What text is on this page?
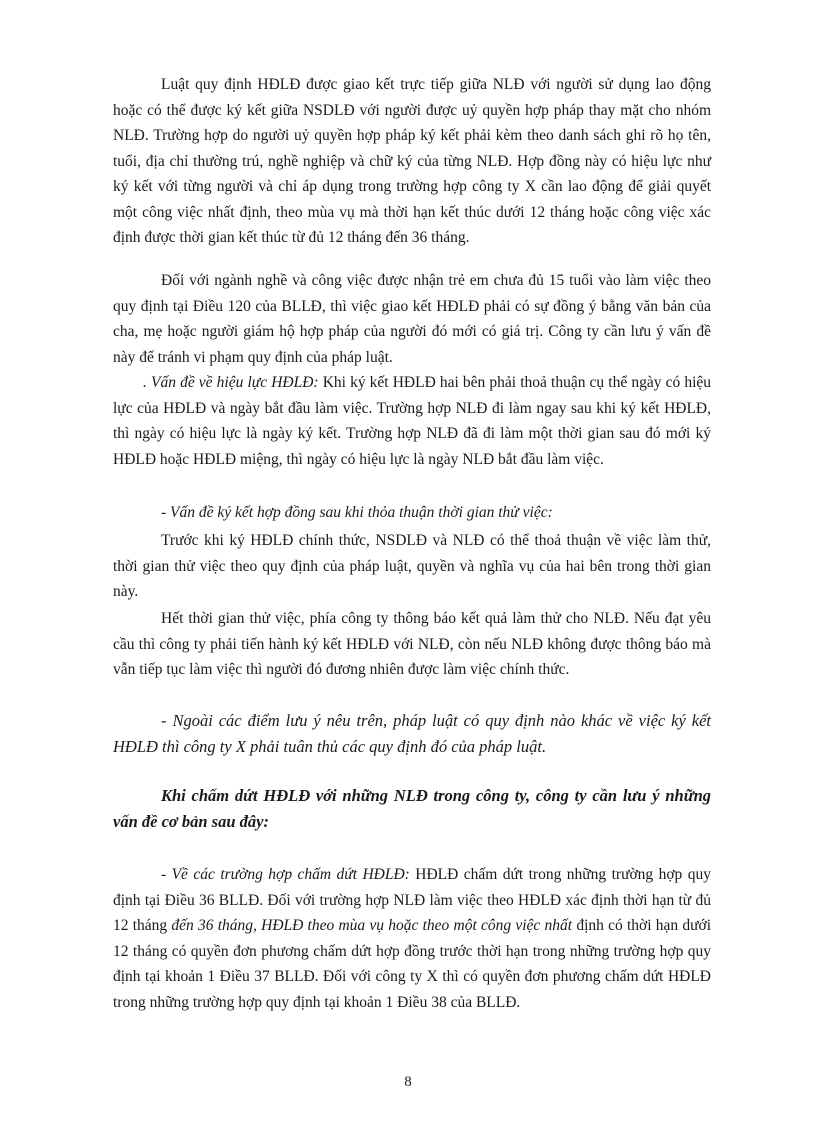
Luật quy định HĐLĐ được giao kết trực tiếp giữa NLĐ với người sử dụng lao động hoặc có thể được ký kết giữa NSDLĐ với người được uỷ quyền hợp pháp thay mặt cho nhóm NLĐ. Trường hợp do người uỷ quyền hợp pháp ký kết phải kèm theo danh sách ghi rõ họ tên, tuổi, địa chỉ thường trú, nghề nghiệp và chữ ký của từng NLĐ. Hợp đồng này có hiệu lực như ký kết với từng người và chỉ áp dụng trong trường hợp công ty X cần lao động để giải quyết một công việc nhất định, theo mùa vụ mà thời hạn kết thúc dưới 12 tháng hoặc công việc xác định được thời gian kết thúc từ đủ 12 tháng đến 36 tháng.

Đối với ngành nghề và công việc được nhận trẻ em chưa đủ 15 tuổi vào làm việc theo quy định tại Điều 120 của BLLĐ, thì việc giao kết HĐLĐ phải có sự đồng ý bằng văn bản của cha, mẹ hoặc người giám hộ hợp pháp của người đó mới có giá trị. Công ty cần lưu ý vấn đề này để tránh vi phạm quy định của pháp luật.

. Vấn đề về hiệu lực HĐLĐ: Khi ký kết HĐLĐ hai bên phải thoả thuận cụ thể ngày có hiệu lực của HĐLĐ và ngày bắt đầu làm việc. Trường hợp NLĐ đi làm ngay sau khi ký kết HĐLĐ, thì ngày có hiệu lực là ngày ký kết. Trường hợp NLĐ đã đi làm một thời gian sau đó mới ký HĐLĐ hoặc HĐLĐ miệng, thì ngày có hiệu lực là ngày NLĐ bắt đầu làm việc.

- Vấn đề ký kết hợp đồng sau khi thỏa thuận thời gian thử việc:

Trước khi ký HĐLĐ chính thức, NSDLĐ và NLĐ có thể thoả thuận về việc làm thử, thời gian thử việc theo quy định của pháp luật, quyền và nghĩa vụ của hai bên trong thời gian này.

Hết thời gian thử việc, phía công ty thông báo kết quả làm thử cho NLĐ. Nếu đạt yêu cầu thì công ty phải tiến hành ký kết HĐLĐ với NLĐ, còn nếu NLĐ không được thông báo mà vẫn tiếp tục làm việc thì người đó đương nhiên được làm việc chính thức.

- Ngoài các điểm lưu ý nêu trên, pháp luật có quy định nào khác về việc ký kết HĐLĐ thì công ty X phải tuân thủ các quy định đó của pháp luật.

Khi chấm dứt HĐLĐ với những NLĐ trong công ty, công ty cần lưu ý những vấn đề cơ bản sau đây:

- Về các trường hợp chấm dứt HĐLĐ: HĐLĐ chấm dứt trong những trường hợp quy định tại Điều 36 BLLĐ. Đối với trường hợp NLĐ làm việc theo HĐLĐ xác định thời hạn từ đủ 12 tháng đến 36 tháng, HĐLĐ theo mùa vụ hoặc theo một công việc nhất định có thời hạn dưới 12 tháng có quyền đơn phương chấm dứt hợp đồng trước thời hạn trong những trường hợp quy định tại khoản 1 Điều 37 BLLĐ. Đối với công ty X thì có quyền đơn phương chấm dứt HĐLĐ trong những trường hợp quy định tại khoản 1 Điều 38 của BLLĐ.

8
